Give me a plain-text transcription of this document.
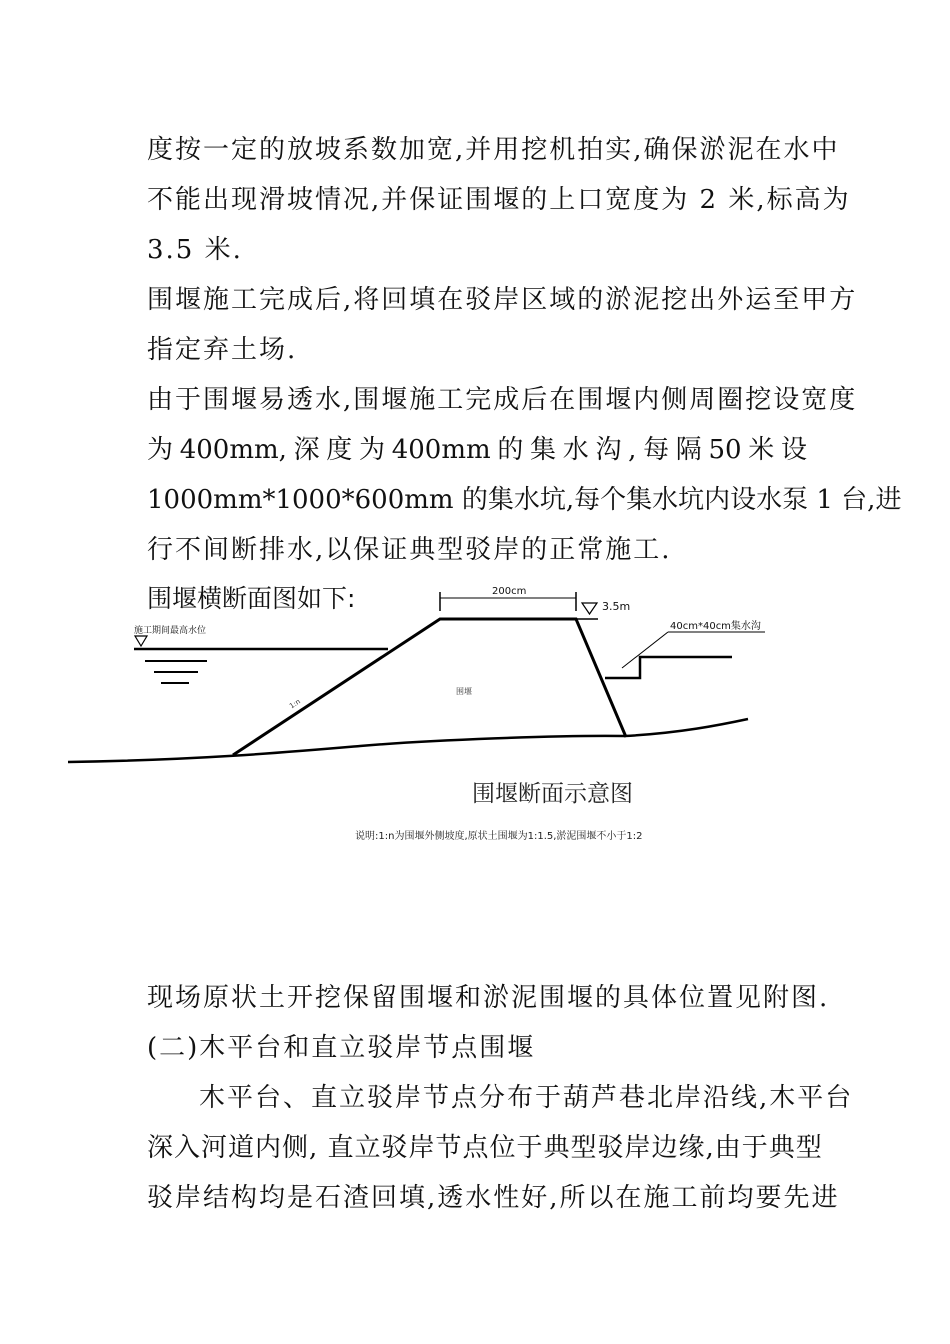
度按一定的放坡系数加宽,并用挖机拍实,确保淤泥在水中
不能出现滑坡情况,并保证围堰的上口宽度为 2 米,标高为
3.5 米.
围堰施工完成后,将回填在驳岸区域的淤泥挖出外运至甲方
指定弃土场.
由于围堰易透水,围堰施工完成后在围堰内侧周圈挖设宽度
为 400mm, 深 度 为 400mm 的 集 水 沟 , 每 隔 50 米 设
1000mm*1000*600mm 的集水坑,每个集水坑内设水泵 1 台,进
行不间断排水,以保证典型驳岸的正常施工.
围堰横断面图如下:
围堰
1:n
施工期间最高水位
200cm
3.5m
40cm*40cm集水沟
围堰断面示意图
说明:1:n为围堰外侧坡度,原状土围堰为1:1.5,淤泥围堰不小于1:2
现场原状土开挖保留围堰和淤泥围堰的具体位置见附图.
(二)木平台和直立驳岸节点围堰
木平台、直立驳岸节点分布于葫芦巷北岸沿线,木平台
深入河道内侧, 直立驳岸节点位于典型驳岸边缘,由于典型
驳岸结构均是石渣回填,透水性好,所以在施工前均要先进
